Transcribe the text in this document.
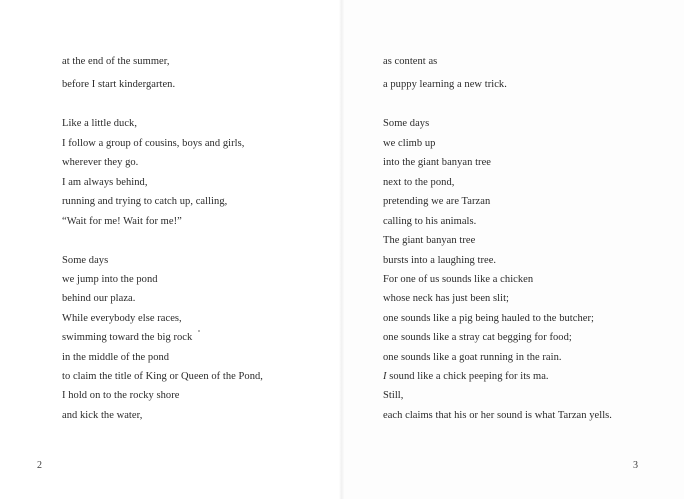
at the end of the summer,
before I start kindergarten.
Like a little duck,
I follow a group of cousins, boys and girls,
wherever they go.
I am always behind,
running and trying to catch up, calling,
“Wait for me! Wait for me!”
Some days
we jump into the pond
behind our plaza.
While everybody else races,
swimming toward the big rock
in the middle of the pond
to claim the title of King or Queen of the Pond,
I hold on to the rocky shore
and kick the water,
2
as content as
a puppy learning a new trick.
Some days
we climb up
into the giant banyan tree
next to the pond,
pretending we are Tarzan
calling to his animals.
The giant banyan tree
bursts into a laughing tree.
For one of us sounds like a chicken
whose neck has just been slit;
one sounds like a pig being hauled to the butcher;
one sounds like a stray cat begging for food;
one sounds like a goat running in the rain.
I sound like a chick peeping for its ma.
Still,
each claims that his or her sound is what Tarzan yells.
3
